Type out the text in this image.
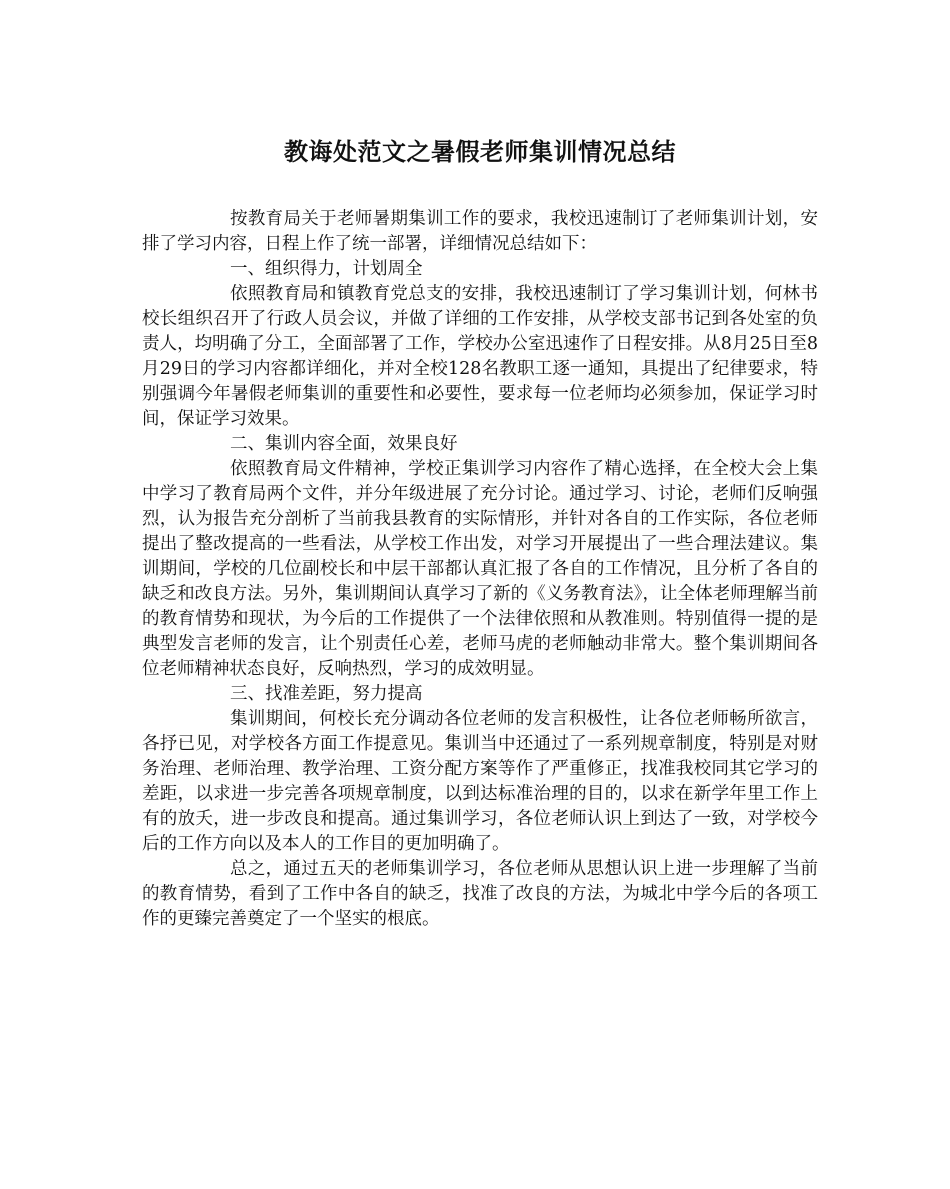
教诲处范文之暑假老师集训情况总结

按教育局关于老师暑期集训工作的要求，我校迅速制订了老师集训计划，安排了学习内容，日程上作了统一部署，详细情况总结如下：

一、组织得力，计划周全

依照教育局和镇教育党总支的安排，我校迅速制订了学习集训计划，何林书校长组织召开了行政人员会议，并做了详细的工作安排，从学校支部书记到各处室的负责人，均明确了分工，全面部署了工作，学校办公室迅速作了日程安排。从8月25日至8月29日的学习内容都详细化，并对全校128名教职工逐一通知，具提出了纪律要求，特别强调今年暑假老师集训的重要性和必要性，要求每一位老师均必须参加，保证学习时间，保证学习效果。

二、集训内容全面，效果良好

依照教育局文件精神，学校正集训学习内容作了精心选择，在全校大会上集中学习了教育局两个文件，并分年级进展了充分讨论。通过学习、讨论，老师们反响强烈，认为报告充分剖析了当前我县教育的实际情形，并针对各自的工作实际，各位老师提出了整改提高的一些看法，从学校工作出发，对学习开展提出了一些合理法建议。集训期间，学校的几位副校长和中层干部都认真汇报了各自的工作情况，且分析了各自的缺乏和改良方法。另外，集训期间认真学习了新的《义务教育法》，让全体老师理解当前的教育情势和现状，为今后的工作提供了一个法律依照和从教准则。特别值得一提的是典型发言老师的发言，让个别责任心差，老师马虎的老师触动非常大。整个集训期间各位老师精神状态良好，反响热烈，学习的成效明显。

三、找准差距，努力提高

集训期间，何校长充分调动各位老师的发言积极性，让各位老师畅所欲言，各抒已见，对学校各方面工作提意见。集训当中还通过了一系列规章制度，特别是对财务治理、老师治理、教学治理、工资分配方案等作了严重修正，找准我校同其它学习的差距，以求进一步完善各项规章制度，以到达标准治理的目的，以求在新学年里工作上有的放夭，进一步改良和提高。通过集训学习，各位老师认识上到达了一致，对学校今后的工作方向以及本人的工作目的更加明确了。

总之，通过五天的老师集训学习，各位老师从思想认识上进一步理解了当前的教育情势，看到了工作中各自的缺乏，找准了改良的方法，为城北中学今后的各项工作的更臻完善奠定了一个坚实的根底。
